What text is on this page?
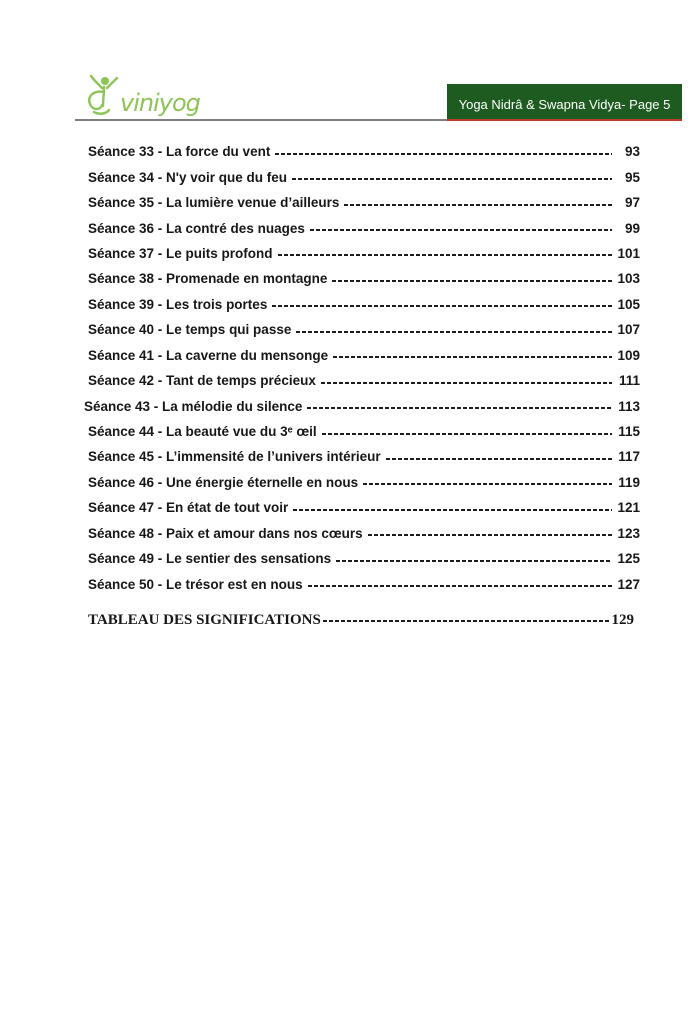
viniyog	Yoga Nidrâ & Swapna Vidya- Page 5
Séance 33 - La force du vent	93
Séance 34 - N'y voir que du feu	95
Séance 35 - La lumière venue d’ailleurs	97
Séance 36 - La contré des nuages	99
Séance 37 - Le puits profond	101
Séance 38 - Promenade en montagne	103
Séance 39 - Les trois portes	105
Séance 40 - Le temps qui passe	107
Séance 41 - La caverne du mensonge	109
Séance 42 - Tant de temps précieux	111
Séance 43 - La mélodie du silence	113
Séance 44 - La beauté vue du 3ᵉ œil	115
Séance 45 - L’immensité de l’univers intérieur	117
Séance 46 - Une énergie éternelle en nous	119
Séance 47 - En état de tout voir	121
Séance 48 - Paix et amour dans nos cœurs	123
Séance 49 - Le sentier des sensations	125
Séance 50 - Le trésor est en nous	127
TABLEAU DES SIGNIFICATIONS	129
